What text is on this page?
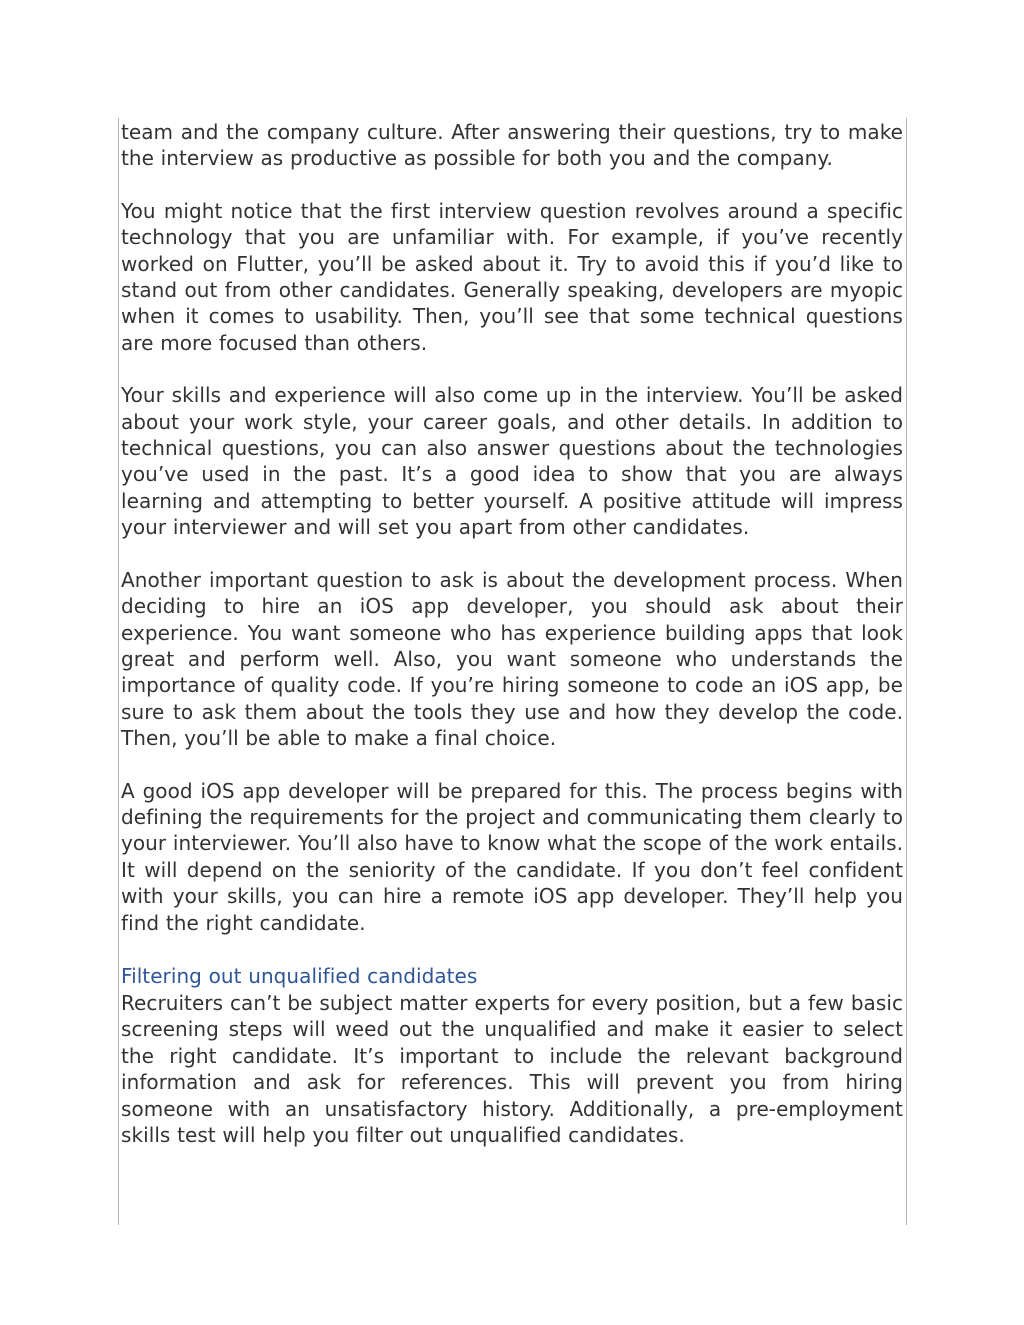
team and the company culture. After answering their questions, try to make the interview as productive as possible for both you and the company.

You might notice that the first interview question revolves around a specific technology that you are unfamiliar with. For example, if you’ve recently worked on Flutter, you’ll be asked about it. Try to avoid this if you’d like to stand out from other candidates. Generally speaking, developers are myopic when it comes to usability. Then, you’ll see that some technical questions are more focused than others.

Your skills and experience will also come up in the interview. You’ll be asked about your work style, your career goals, and other details. In addition to technical questions, you can also answer questions about the technologies you’ve used in the past. It’s a good idea to show that you are always learning and attempting to better yourself. A positive attitude will impress your interviewer and will set you apart from other candidates.

Another important question to ask is about the development process. When deciding to hire an iOS app developer, you should ask about their experience. You want someone who has experience building apps that look great and perform well. Also, you want someone who understands the importance of quality code. If you’re hiring someone to code an iOS app, be sure to ask them about the tools they use and how they develop the code. Then, you’ll be able to make a final choice.

A good iOS app developer will be prepared for this. The process begins with defining the requirements for the project and communicating them clearly to your interviewer. You’ll also have to know what the scope of the work entails. It will depend on the seniority of the candidate. If you don’t feel confident with your skills, you can hire a remote iOS app developer. They’ll help you find the right candidate.

Filtering out unqualified candidates

Recruiters can’t be subject matter experts for every position, but a few basic screening steps will weed out the unqualified and make it easier to select the right candidate. It’s important to include the relevant background information and ask for references. This will prevent you from hiring someone with an unsatisfactory history. Additionally, a pre-employment skills test will help you filter out unqualified candidates.
